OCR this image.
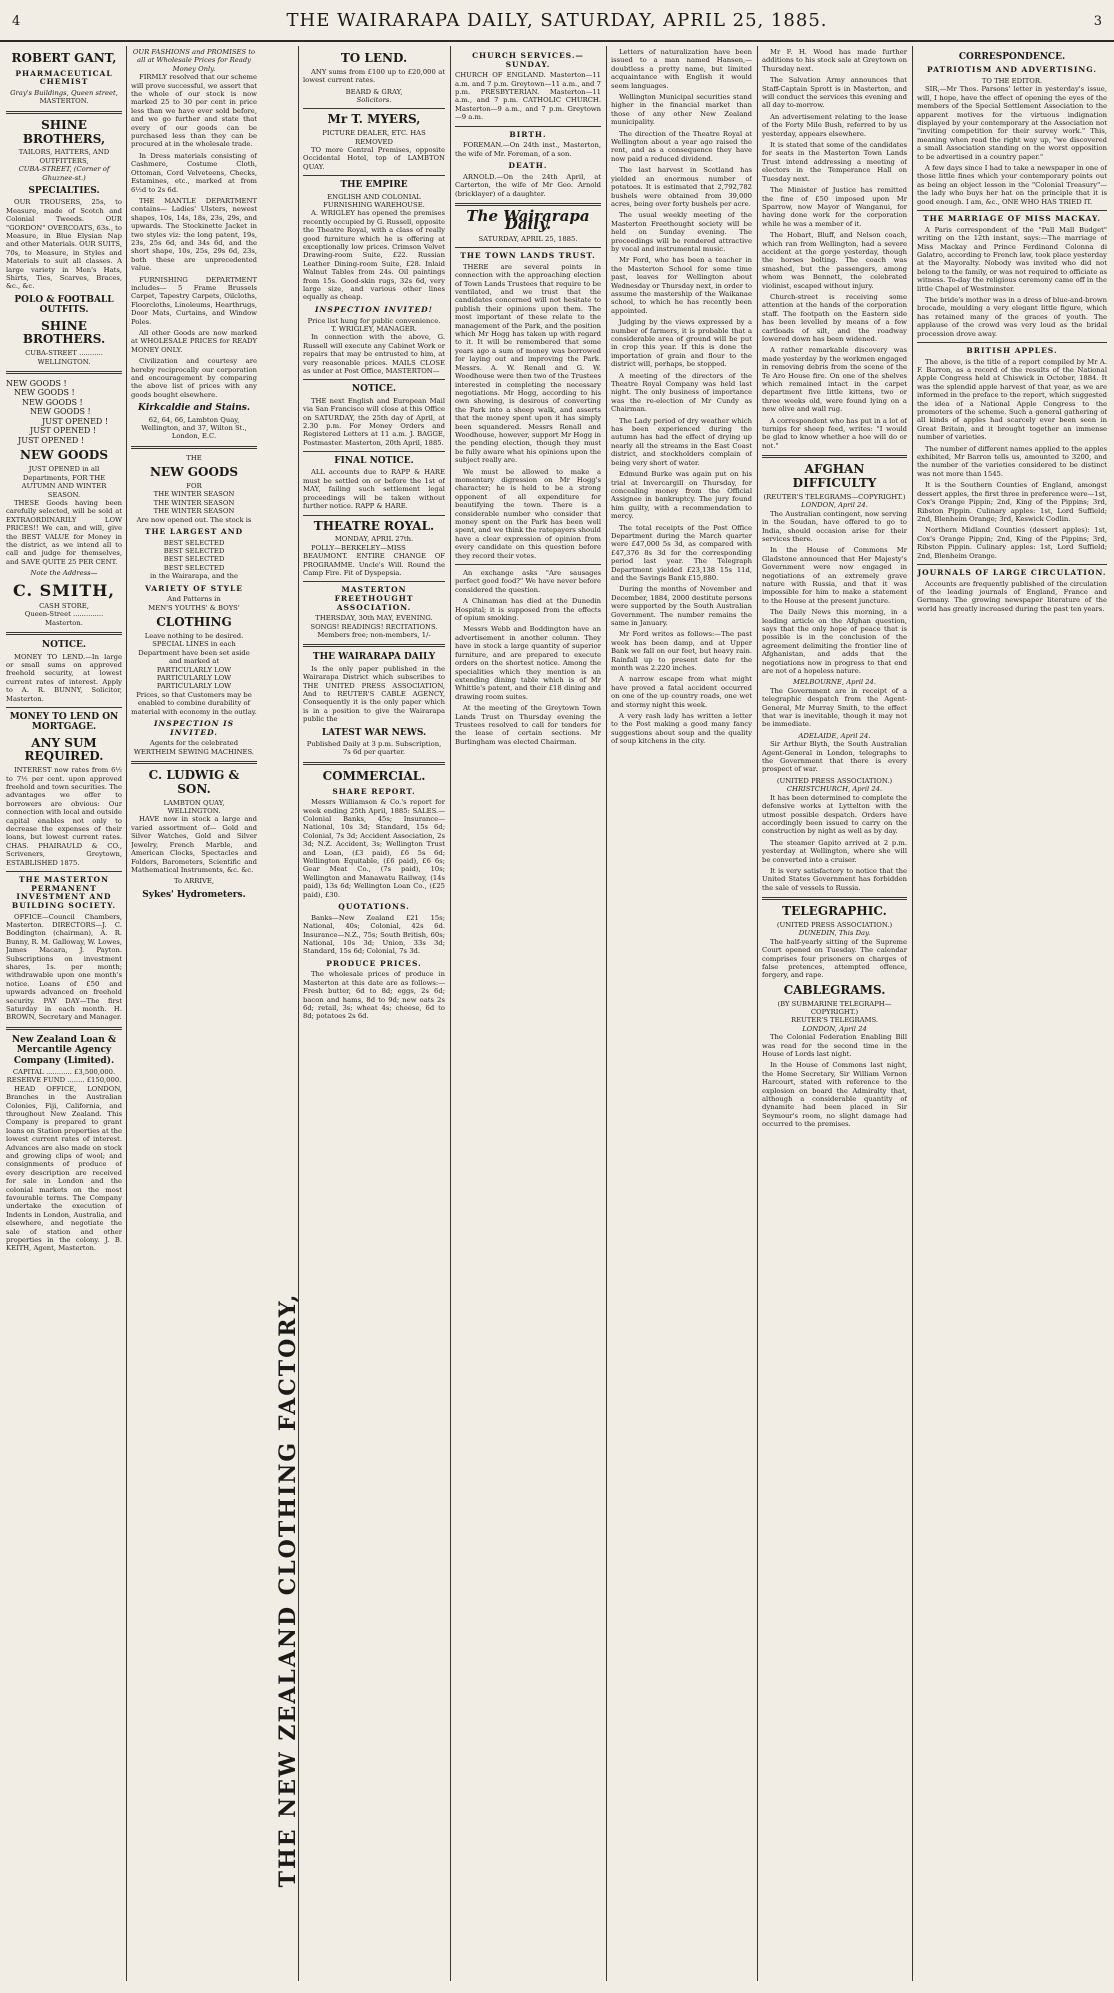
4	THE WAIRARAPA DAILY, SATURDAY, APRIL 25, 1885.	3
ROBERT GANT,
PHARMACEUTICAL CHEMIST
Gray's Buildings, Queen street,
MASTERTON.
SHINE BROTHERS,
TAILORS, HATTERS, AND OUTFITTERS,
CUBA-STREET, (Corner of Ghuznee-st.)
SPECIALTIES.

OUR TROUSERS, 25s, to Measure, made of Scotch and Colonial Tweeds. OUR "GORDON" OVERCOATS, 63s., to Measure, in Blue Elysian Nap and other Materials. OUR SUITS, 70s, to Measure, in Styles and Materials to suit all classes. A large variety in Men's Hats, Shirts, Ties, Scarves, Braces, &c., &c.

POLO & FOOTBALL OUTFITS.
SHINE BROTHERS.
CUBA-STREET ........... WELLINGTON.
NEW GOODS !
NEW GOODS !
NEW GOODS !
NEW GOODS !
JUST OPENED !
JUST OPENED !
JUST OPENED !
NEW GOODS
JUST OPENED in all Departments, FOR THE AUTUMN AND WINTER SEASON.

THESE Goods having been carefully selected, will be sold at EXTRAORDINARILY LOW PRICES!! We can, and will, give the BEST VALUE for Money in the district, as we intend all to call and judge for themselves, and SAVE QUITE 25 PER CENT.

Note the Address—
C. SMITH,
CASH STORE,
Queen-Street .............. Masterton.
NOTICE.

MONEY TO LEND.—In large or small sums on approved freehold security, at lowest current rates of interest. Apply to A. R. BUNNY, Solicitor, Masterton.

MONEY TO LEND ON MORTGAGE.
ANY SUM REQUIRED.

INTEREST now rates from 6½ to 7½ per cent. upon approved freehold and town securities. The advantages we offer to borrowers are obvious: Our connection with local and outside capital enables not only to decrease the expenses of their loans, but lowest current rates. CHAS. PHAIRAULD & CO., Scriveners, Greytown, ESTABLISHED 1875.

THE MASTERTON PERMANENT INVESTMENT AND BUILDING SOCIETY.

OFFICE—Council Chambers, Masterton. DIRECTORS—J. C. Boddington (chairman), A. R. Bunny, R. M. Galloway, W. Lowes, James Macara, J. Payton. Subscriptions on investment shares, 1s. per month; withdrawable upon one month's notice. Loans of £50 and upwards advanced on freehold security. PAY DAY—The first Saturday in each month. H. BROWN, Secretary and Manager.

New Zealand Loan & Mercantile Agency Company (Limited).
CAPITAL ............ £3,500,000.
RESERVE FUND ........ £150,000.

HEAD OFFICE, LONDON, Branches in the Australian Colonies, Fiji, California, and throughout New Zealand. This Company is prepared to grant loans on Station properties at the lowest current rates of interest. Advances are also made on stock and growing clips of wool; and consignments of produce of every description are received for sale in London and the colonial markets on the most favourable terms. The Company undertake the execution of Indents in London, Australia, and elsewhere, and negotiate the sale of station and other properties in the colony. J. B. KEITH, Agent, Masterton.

OUR FASHIONS and PROMISES to all at Wholesale Prices for Ready Money Only.

FIRMLY resolved that our scheme will prove successful, we assert that the whole of our stock is now marked 25 to 30 per cent in price less than we have ever sold before, and we go further and state that every of our goods can be purchased less than they can be procured at in the wholesale trade.

In Dress materials consisting of Cashmere, Costume Cloth, Ottoman, Cord Velveteens, Checks, Estamines, etc., marked at from 6½d to 2s 6d.

THE MANTLE DEPARTMENT contains— Ladies' Ulsters, newest shapes, 10s, 14s, 18s, 23s, 29s, and upwards. The Stockinette Jacket in two styles viz: the long patent, 19s, 23s, 25s 6d, and 34s 6d, and the short shape, 10s, 25s, 29s 6d, 23s, both these are unprecedented value.

FURNISHING DEPARTMENT includes— 5 Frame Brussels Carpet, Tapestry Carpets, Oilcloths, Floorcloths, Linoleums, Hearthrugs, Door Mats, Curtains, and Window Poles.

All other Goods are now marked at WHOLESALE PRICES for READY MONEY ONLY.

Civilization and courtesy are hereby reciprocally our corporation and encouragement by comparing the above list of prices with any goods bought elsewhere.

Kirkcaldie and Stains.
62, 64, 66, Lambton Quay, Wellington, and 37, Wilton St., London, E.C.
THE
NEW GOODS
FOR
THE WINTER SEASON
THE WINTER SEASON
THE WINTER SEASON
Are now opened out. The stock is
THE LARGEST AND
BEST SELECTED
BEST SELECTED
BEST SELECTED
BEST SELECTED
in the Wairarapa, and the
VARIETY OF STYLE
And Patterns in
MEN'S YOUTHS' & BOYS'
CLOTHING
Leave nothing to be desired.
SPECIAL LINES in each Department have been set aside and marked at
PARTICULARLY LOW
PARTICULARLY LOW
PARTICULARLY LOW
Prices, so that Customers may be enabled to combine durability of material with economy in the outlay.
INSPECTION IS INVITED.
Agents for the celebrated
WERTHEIM SEWING MACHINES.
C. LUDWIG & SON.
LAMBTON QUAY,
WELLINGTON.

HAVE now in stock a large and varied assortment of— Gold and Silver Watches, Gold and Silver Jewelry, French Marble, and American Clocks, Spectacles and Folders, Barometers, Scientific and Mathematical Instruments, &c. &c.

To ARRIVE,
Sykes' Hydrometers.
THE NEW ZEALAND CLOTHING FACTORY,
TO LEND.

ANY sums from £100 up to £20,000 at lowest current rates.

BEARD & GRAY,
Solicitors.
Mr T. MYERS,
PICTURE DEALER, ETC. HAS REMOVED

TO more Central Premises, opposite Occidental Hotel, top of LAMBTON QUAY.

THE EMPIRE
ENGLISH AND COLONIAL FURNISHING WAREHOUSE.

A. WRIGLEY has opened the premises recently occupied by G. Russell, opposite the Theatre Royal, with a class of really good furniture which he is offering at exceptionally low prices. Crimson Velvet Drawing-room Suite, £22. Russian Leather Dining-room Suite, £28. Inlaid Walnut Tables from 24s. Oil paintings from 15s. Good-skin rugs, 32s 6d, very large size, and various other lines equally as cheap.

INSPECTION INVITED!
Price list hung for public convenience.
T. WRIGLEY, MANAGER.

In connection with the above, G. Russell will execute any Cabinet Work or repairs that may be entrusted to him, at very reasonable prices. MAILS CLOSE as under at Post Office, MASTERTON—

NOTICE.

THE next English and European Mail via San Francisco will close at this Office on SATURDAY, the 25th day of April, at 2.30 p.m. For Money Orders and Registered Letters at 11 a.m. J. BAGGE, Postmaster. Masterton, 20th April, 1885.

FINAL NOTICE.

ALL accounts due to RAPP & HARE must be settled on or before the 1st of MAY, failing such settlement legal proceedings will be taken without further notice. RAPP & HARE.

THEATRE ROYAL.
MONDAY, APRIL 27th.

POLLY—BERKELEY—MISS BEAUMONT. ENTIRE CHANGE OF PROGRAMME. Uncle's Will. Round the Camp Fire. Fit of Dyspepsia.

MASTERTON FREETHOUGHT ASSOCIATION.
THERSDAY, 30th MAY, EVENING.
SONGS! READINGS! RECITATIONS.
Members free; non-members, 1/-
THE WAIRARAPA DAILY

Is the only paper published in the Wairarapa District which subscribes to THE UNITED PRESS ASSOCIATION, And to REUTER'S CABLE AGENCY, Consequently it is the only paper which is in a position to give the Wairarapa public the

LATEST WAR NEWS.
Published Daily at 3 p.m. Subscription, 7s 6d per quarter.
COMMERCIAL.
SHARE REPORT.

Messrs Williamson & Co.'s report for week ending 25th April, 1885: SALES.—Colonial Banks, 45s; Insurance—National, 10s 3d; Standard, 15s 6d; Colonial, 7s 3d; Accident Association, 2s 3d; N.Z. Accident, 3s; Wellington Trust and Loan, (£3 paid), £6 5s 6d; Wellington Equitable, (£6 paid), £6 6s; Gear Meat Co., (7s paid), 10s; Wellington and Manawatu Railway, (14s paid), 13s 6d; Wellington Loan Co., (£25 paid), £30.

QUOTATIONS.

Banks—New Zealand £21 15s; National, 40s; Colonial, 42s 6d. Insurance—N.Z., 75s; South British, 60s; National, 10s 3d; Union, 33s 3d; Standard, 15s 6d; Colonial, 7s 3d.

PRODUCE PRICES.

The wholesale prices of produce in Masterton at this date are as follows:—Fresh butter, 6d to 8d; eggs, 2s 6d; bacon and hams, 8d to 9d; new oats 2s 6d; retail, 3s; wheat 4s; cheese, 6d to 8d; potatoes 2s 6d.

CHURCH SERVICES.—SUNDAY.

CHURCH OF ENGLAND. Masterton—11 a.m. and 7 p.m. Greytown—11 a.m., and 7 p.m. PRESBYTERIAN. Masterton—11 a.m., and 7 p.m. CATHOLIC CHURCH. Masterton—9 a.m., and 7 p.m. Greytown—9 a.m.

BIRTH.

FOREMAN.—On 24th inst., Masterton, the wife of Mr. Foreman, of a son.

DEATH.

ARNOLD.—On the 24th April, at Carterton, the wife of Mr Geo. Arnold (bricklayer) of a daughter.

The Wairarapa Daily.
SATURDAY, APRIL 25, 1885.
THE TOWN LANDS TRUST.

THERE are several points in connection with the approaching election of Town Lands Trustees that require to be ventilated, and we trust that the candidates concerned will not hesitate to publish their opinions upon them. The most important of these relate to the management of the Park, and the position which Mr Hogg has taken up with regard to it. It will be remembered that some years ago a sum of money was borrowed for laying out and improving the Park. Messrs. A. W. Renall and G. W. Woodhouse were then two of the Trustees interested in completing the necessary negotiations. Mr Hogg, according to his own showing, is desirous of converting the Park into a sheep walk, and asserts that the money spent upon it has simply been squandered. Messrs Renall and Woodhouse, however, support Mr Hogg in the pending election, though they must be fully aware what his opinions upon the subject really are.

We must be allowed to make a momentary digression on Mr Hogg's character; he is held to be a strong opponent of all expenditure for beautifying the town. There is a considerable number who consider that money spent on the Park has been well spent, and we think the ratepayers should have a clear expression of opinion from every candidate on this question before they record their votes.

An exchange asks "Are sausages perfect good food?" We have never before considered the question.

A Chinaman has died at the Dunedin Hospital; it is supposed from the effects of opium smoking.

Messrs Webb and Boddington have an advertisement in another column. They have in stock a large quantity of superior furniture, and are prepared to execute orders on the shortest notice. Among the specialities which they mention is an extending dining table which is of Mr Whittle's patent, and their £18 dining and drawing room suites.

At the meeting of the Greytown Town Lands Trust on Thursday evening the Trustees resolved to call for tenders for the lease of certain sections. Mr Burlingham was elected Chairman.

Letters of naturalization have been issued to a man named Hansen,—doubtless a pretty name, but limited acquaintance with English it would seem languages.

Wellington Municipal securities stand higher in the financial market than those of any other New Zealand municipality.

The direction of the Theatre Royal at Wellington about a year ago raised the rent, and as a consequence they have now paid a reduced dividend.

The last harvest in Scotland has yielded an enormous number of potatoes. It is estimated that 2,792,782 bushels were obtained from 39,000 acres, being over forty bushels per acre.

The usual weekly meeting of the Masterton Freethought society will be held on Sunday evening. The proceedings will be rendered attractive by vocal and instrumental music.

Mr Ford, who has been a teacher in the Masterton School for some time past, leaves for Wellington about Wednesday or Thursday next, in order to assume the mastership of the Waikanae school, to which he has recently been appointed.

Judging by the views expressed by a number of farmers, it is probable that a considerable area of ground will be put in crop this year. If this is done the importation of grain and flour to the district will, perhaps, be stopped.

A meeting of the directors of the Theatre Royal Company was held last night. The only business of importance was the re-election of Mr Cundy as Chairman.

The Lady period of dry weather which has been experienced during the autumn has had the effect of drying up nearly all the streams in the East Coast district, and stockholders complain of being very short of water.

Edmund Burke was again put on his trial at Invercargill on Thursday, for concealing money from the Official Assignee in bankruptcy. The jury found him guilty, with a recommendation to mercy.

The total receipts of the Post Office Department during the March quarter were £47,000 5s 3d, as compared with £47,376 8s 3d for the corresponding period last year. The Telegraph Department yielded £23,138 15s 11d, and the Savings Bank £15,880.

During the months of November and December, 1884, 2000 destitute persons were supported by the South Australian Government. The number remains the same in January.

Mr Ford writes as follows:—The past week has been damp, and at Upper Bank we fall on our feet, but heavy rain. Rainfall up to present date for the month was 2.220 inches.

A narrow escape from what might have proved a fatal accident occurred on one of the up country roads, one wet and stormy night this week.

A very rash lady has written a letter to the Post making a good many fancy suggestions about soup and the quality of soup kitchens in the city.

Mr F. H. Wood has made further additions to his stock sale at Greytown on Thursday next.

The Salvation Army announces that Staff-Captain Sprott is in Masterton, and will conduct the services this evening and all day to-morrow.

An advertisement relating to the lease of the Forty Mile Bush, referred to by us yesterday, appears elsewhere.

It is stated that some of the candidates for seats in the Masterton Town Lands Trust intend addressing a meeting of electors in the Temperance Hall on Tuesday next.

The Minister of Justice has remitted the fine of £50 imposed upon Mr Sparrow, now Mayor of Wanganui, for having done work for the corporation while he was a member of it.

The Hobart, Bluff, and Nelson coach, which ran from Wellington, had a severe accident at the gorge yesterday, though the horses bolting. The coach was smashed, but the passengers, among whom was Bennett, the celebrated violinist, escaped without injury.

Church-street is receiving some attention at the hands of the corporation staff. The footpath on the Eastern side has been levelled by means of a few cartloads of silt, and the roadway lowered down has been widened.

A rather remarkable discovery was made yesterday by the workmen engaged in removing debris from the scene of the Te Aro House fire. On one of the shelves which remained intact in the carpet department five little kittens, two or three weeks old, were found lying on a new olive and wall rug.

A correspondent who has put in a lot of turnips for sheep feed, writes: "I would be glad to know whether a hoe will do or not."

AFGHAN DIFFICULTY
(REUTER'S TELEGRAMS—COPYRIGHT.)
LONDON, April 24.

The Australian contingent, now serving in the Soudan, have offered to go to India, should occasion arise for their services there.

In the House of Commons Mr Gladstone announced that Her Majesty's Government were now engaged in negotiations of an extremely grave nature with Russia, and that it was impossible for him to make a statement to the House at the present juncture.

The Daily News this morning, in a leading article on the Afghan question, says that the only hope of peace that is possible is in the conclusion of the agreement delimiting the frontier line of Afghanistan, and adds that the negotiations now in progress to that end are not of a hopeless nature.

MELBOURNE, April 24.

The Government are in receipt of a telegraphic despatch from the Agent-General, Mr Murray Smith, to the effect that war is inevitable, though it may not be immediate.

ADELAIDE, April 24.

Sir Arthur Blyth, the South Australian Agent-General in London, telegraphs to the Government that there is every prospect of war.

(UNITED PRESS ASSOCIATION.)
CHRISTCHURCH, April 24.

It has been determined to complete the defensive works at Lyttelton with the utmost possible despatch. Orders have accordingly been issued to carry on the construction by night as well as by day.

The steamer Gapito arrived at 2 p.m. yesterday at Wellington, where she will be converted into a cruiser.

It is very satisfactory to notice that the United States Government has forbidden the sale of vessels to Russia.

TELEGRAPHIC.
(UNITED PRESS ASSOCIATION.)
DUNEDIN, This Day.

The half-yearly sitting of the Supreme Court opened on Tuesday. The calendar comprises four prisoners on charges of false pretences, attempted offence, forgery, and rape.

CABLEGRAMS.
(BY SUBMARINE TELEGRAPH—COPYRIGHT.)
REUTER'S TELEGRAMS.
LONDON, April 24

The Colonial Federation Enabling Bill was read for the second time in the House of Lords last night.

In the House of Commons last night, the Home Secretary, Sir William Vernon Harcourt, stated with reference to the explosion on board the Admiralty that, although a considerable quantity of dynamite had been placed in Sir Seymour's room, no slight damage had occurred to the premises.

CORRESPONDENCE.
PATRIOTISM AND ADVERTISING.
TO THE EDITOR.

SIR,—Mr Thos. Parsons' letter in yesterday's issue, will, I hope, have the effect of opening the eyes of the members of the Special Settlement Association to the apparent motives for the virtuous indignation displayed by your contemporary at the Association not "inviting competition for their survey work." This, meaning when read the right way up, "we discovered a small Association standing on the worst opposition to be advertised in a country paper."

A few days since I had to take a newspaper in one of those little fines which your contemporary points out as being an object lesson in the "Colonial Treasury"—the lady who buys her hat on the principle that it is good enough. I am, &c., ONE WHO HAS TRIED IT.

THE MARRIAGE OF MISS MACKAY.

A Paris correspondent of the "Pall Mall Budget" writing on the 12th instant, says:—The marriage of Miss Mackay and Prince Ferdinand Colonna di Galatro, according to French law, took place yesterday at the Mayoralty. Nobody was invited who did not belong to the family, or was not required to officiate as witness. To-day the religious ceremony came off in the little Chapel of Westminster.

The bride's mother was in a dress of blue-and-brown brocade, moulding a very elegant little figure, which has retained many of the graces of youth. The applause of the crowd was very loud as the bridal procession drove away.

BRITISH APPLES.

The above, is the title of a report compiled by Mr A. F. Barron, as a record of the results of the National Apple Congress held at Chiswick in October, 1884. It was the splendid apple harvest of that year, as we are informed in the preface to the report, which suggested the idea of a National Apple Congress to the promoters of the scheme. Such a general gathering of all kinds of apples had scarcely ever been seen in Great Britain, and it brought together an immense number of varieties.

The number of different names applied to the apples exhibited, Mr Barron tells us, amounted to 3200, and the number of the varieties considered to be distinct was not more than 1545.

It is the Southern Counties of England, amongst dessert apples, the first three in preference were—1st, Cox's Orange Pippin; 2nd, King of the Pippins; 3rd, Ribston Pippin. Culinary apples: 1st, Lord Suffield; 2nd, Blenheim Orange; 3rd, Keswick Codlin.

Northern Midland Counties (dessert apples): 1st, Cox's Orange Pippin; 2nd, King of the Pippins; 3rd, Ribston Pippin. Culinary apples: 1st, Lord Suffield; 2nd, Blenheim Orange.

JOURNALS OF LARGE CIRCULATION.

Accounts are frequently published of the circulation of the leading journals of England, France and Germany. The growing newspaper literature of the world has greatly increased during the past ten years.
